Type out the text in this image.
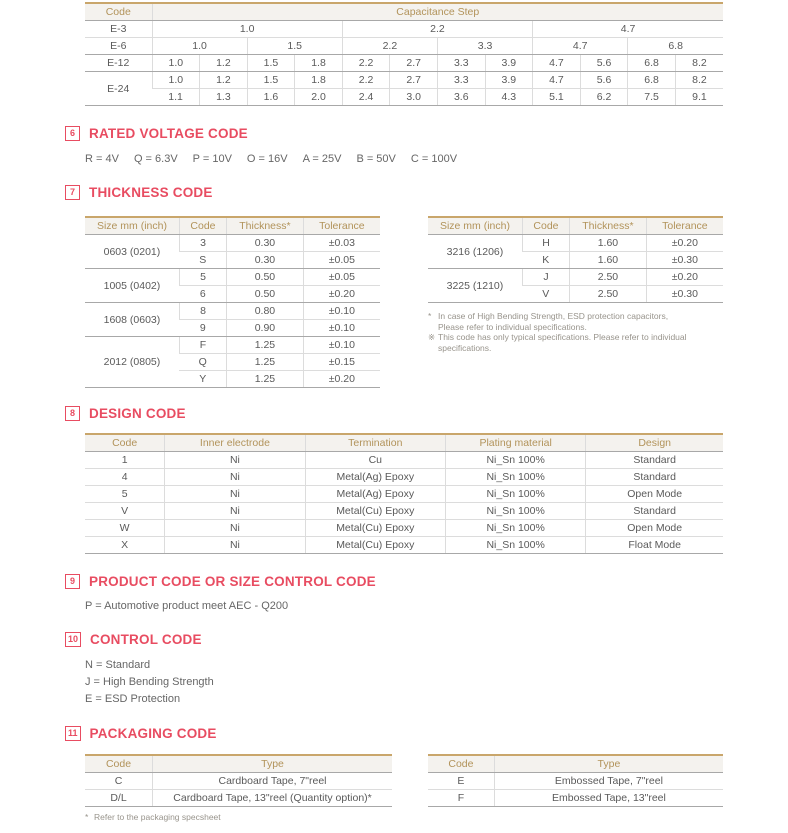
Code	Capacitance Step											
E-3	1.0				2.2				4.7			
E-6	1.0		1.5		2.2		3.3		4.7		6.8	
E-12	1.0	1.2	1.5	1.8	2.2	2.7	3.3	3.9	4.7	5.6	6.8	8.2
E-24	1.0	1.2	1.5	1.8	2.2	2.7	3.3	3.9	4.7	5.6	6.8	8.2
	1.1	1.3	1.6	2.0	2.4	3.0	3.6	4.3	5.1	6.2	7.5	9.1
6	RATED VOLTAGE CODE
R = 4V Q = 6.3V P = 10V O = 16V A = 25V B = 50V C = 100V
7	THICKNESS CODE
Size mm (inch)	Code	Thickness*	Tolerance
0603 (0201)	3	0.30	±0.03
	S	0.30	±0.05
1005 (0402)	5	0.50	±0.05
	6	0.50	±0.20
1608 (0603)	8	0.80	±0.10
	9	0.90	±0.10
2012 (0805)	F	1.25	±0.10
	Q	1.25	±0.15
	Y	1.25	±0.20
Size mm (inch)	Code	Thickness*	Tolerance
3216 (1206)	H	1.60	±0.20
	K	1.60	±0.30
3225 (1210)	J	2.50	±0.20
	V	2.50	±0.30
* In case of High Bending Strength, ESD protection capacitors,
Please refer to individual specifications.
※ This code has only typical specifications. Please refer to individual
specifications.
8	DESIGN CODE
Code	Inner electrode	Termination	Plating material	Design
1	Ni	Cu	Ni_Sn 100%	Standard
4	Ni	Metal(Ag) Epoxy	Ni_Sn 100%	Standard
5	Ni	Metal(Ag) Epoxy	Ni_Sn 100%	Open Mode
V	Ni	Metal(Cu) Epoxy	Ni_Sn 100%	Standard
W	Ni	Metal(Cu) Epoxy	Ni_Sn 100%	Open Mode
X	Ni	Metal(Cu) Epoxy	Ni_Sn 100%	Float Mode
9	PRODUCT CODE OR SIZE CONTROL CODE
P = Automotive product meet AEC - Q200
10 CONTROL CODE
N = Standard
J = High Bending Strength
E = ESD Protection
11 PACKAGING CODE
Code	Type
C	Cardboard Tape, 7"reel
D/L	Cardboard Tape, 13"reel (Quantity option)*
Code	Type
E	Embossed Tape, 7"reel
F	Embossed Tape, 13"reel
* Refer to the packaging specsheet
